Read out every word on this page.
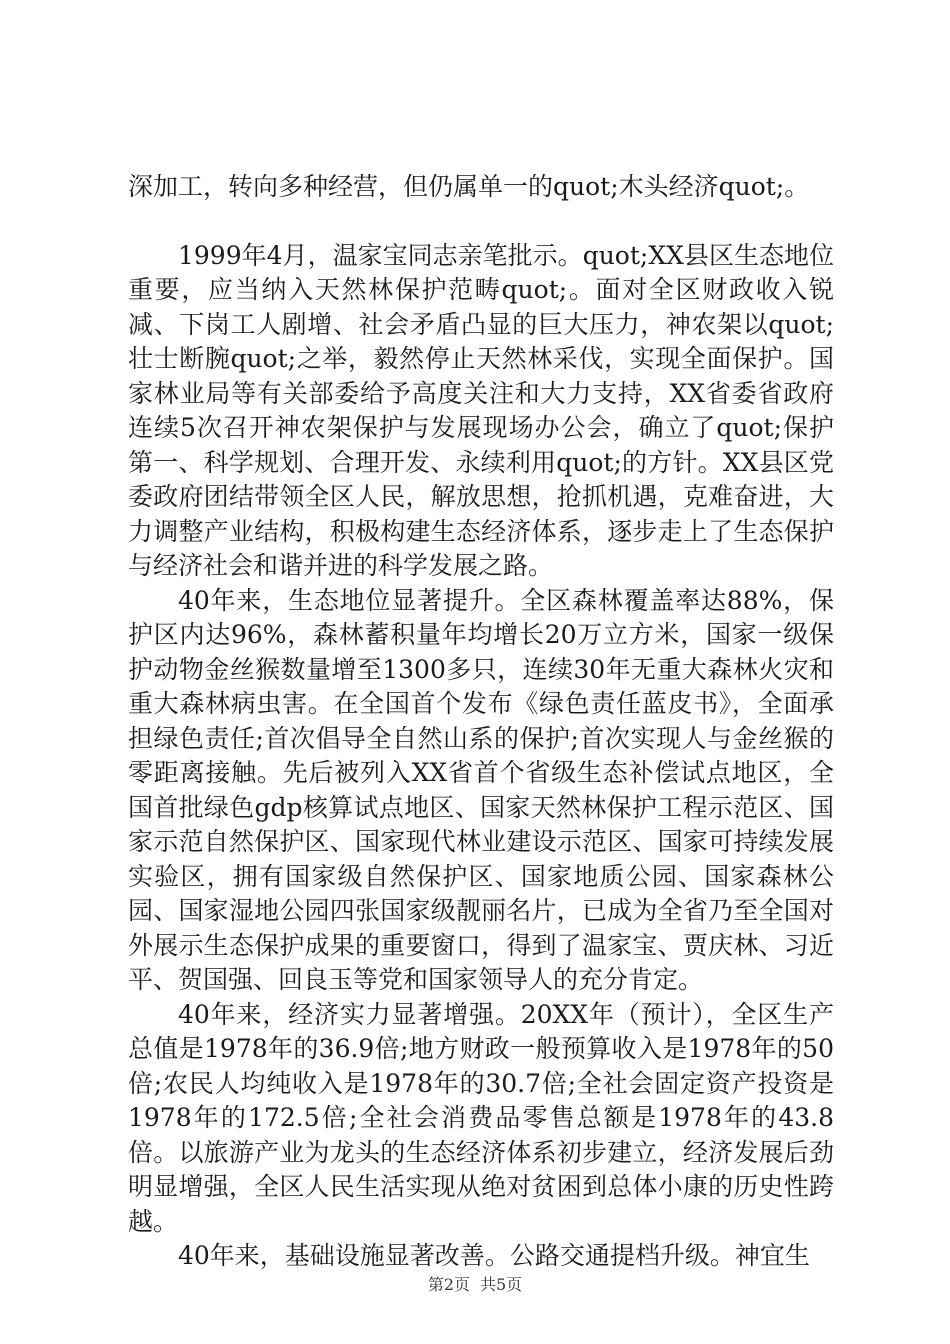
深加工，转向多种经营，但仍属单一的quot;木头经济quot;。

1999年4月，温家宝同志亲笔批示。quot;XX县区生态地位重要，应当纳入天然林保护范畴quot;。面对全区财政收入锐减、下岗工人剧增、社会矛盾凸显的巨大压力，神农架以quot;壮士断腕quot;之举，毅然停止天然林采伐，实现全面保护。国家林业局等有关部委给予高度关注和大力支持，XX省委省政府连续5次召开神农架保护与发展现场办公会，确立了quot;保护第一、科学规划、合理开发、永续利用quot;的方针。XX县区党委政府团结带领全区人民，解放思想，抢抓机遇，克难奋进，大力调整产业结构，积极构建生态经济体系，逐步走上了生态保护与经济社会和谐并进的科学发展之路。

40年来，生态地位显著提升。全区森林覆盖率达88%，保护区内达96%，森林蓄积量年均增长20万立方米，国家一级保护动物金丝猴数量增至1300多只，连续30年无重大森林火灾和重大森林病虫害。在全国首个发布《绿色责任蓝皮书》，全面承担绿色责任;首次倡导全自然山系的保护;首次实现人与金丝猴的零距离接触。先后被列入XX省首个省级生态补偿试点地区，全国首批绿色gdp核算试点地区、国家天然林保护工程示范区、国家示范自然保护区、国家现代林业建设示范区、国家可持续发展实验区，拥有国家级自然保护区、国家地质公园、国家森林公园、国家湿地公园四张国家级靓丽名片，已成为全省乃至全国对外展示生态保护成果的重要窗口，得到了温家宝、贾庆林、习近平、贺国强、回良玉等党和国家领导人的充分肯定。

40年来，经济实力显著增强。20XX年（预计），全区生产总值是1978年的36.9倍;地方财政一般预算收入是1978年的50倍;农民人均纯收入是1978年的30.7倍;全社会固定资产投资是1978年的172.5倍;全社会消费品零售总额是1978年的43.8倍。以旅游产业为龙头的生态经济体系初步建立，经济发展后劲明显增强，全区人民生活实现从绝对贫困到总体小康的历史性跨越。

40年来，基础设施显著改善。公路交通提档升级。神宜生

第2页 共5页
